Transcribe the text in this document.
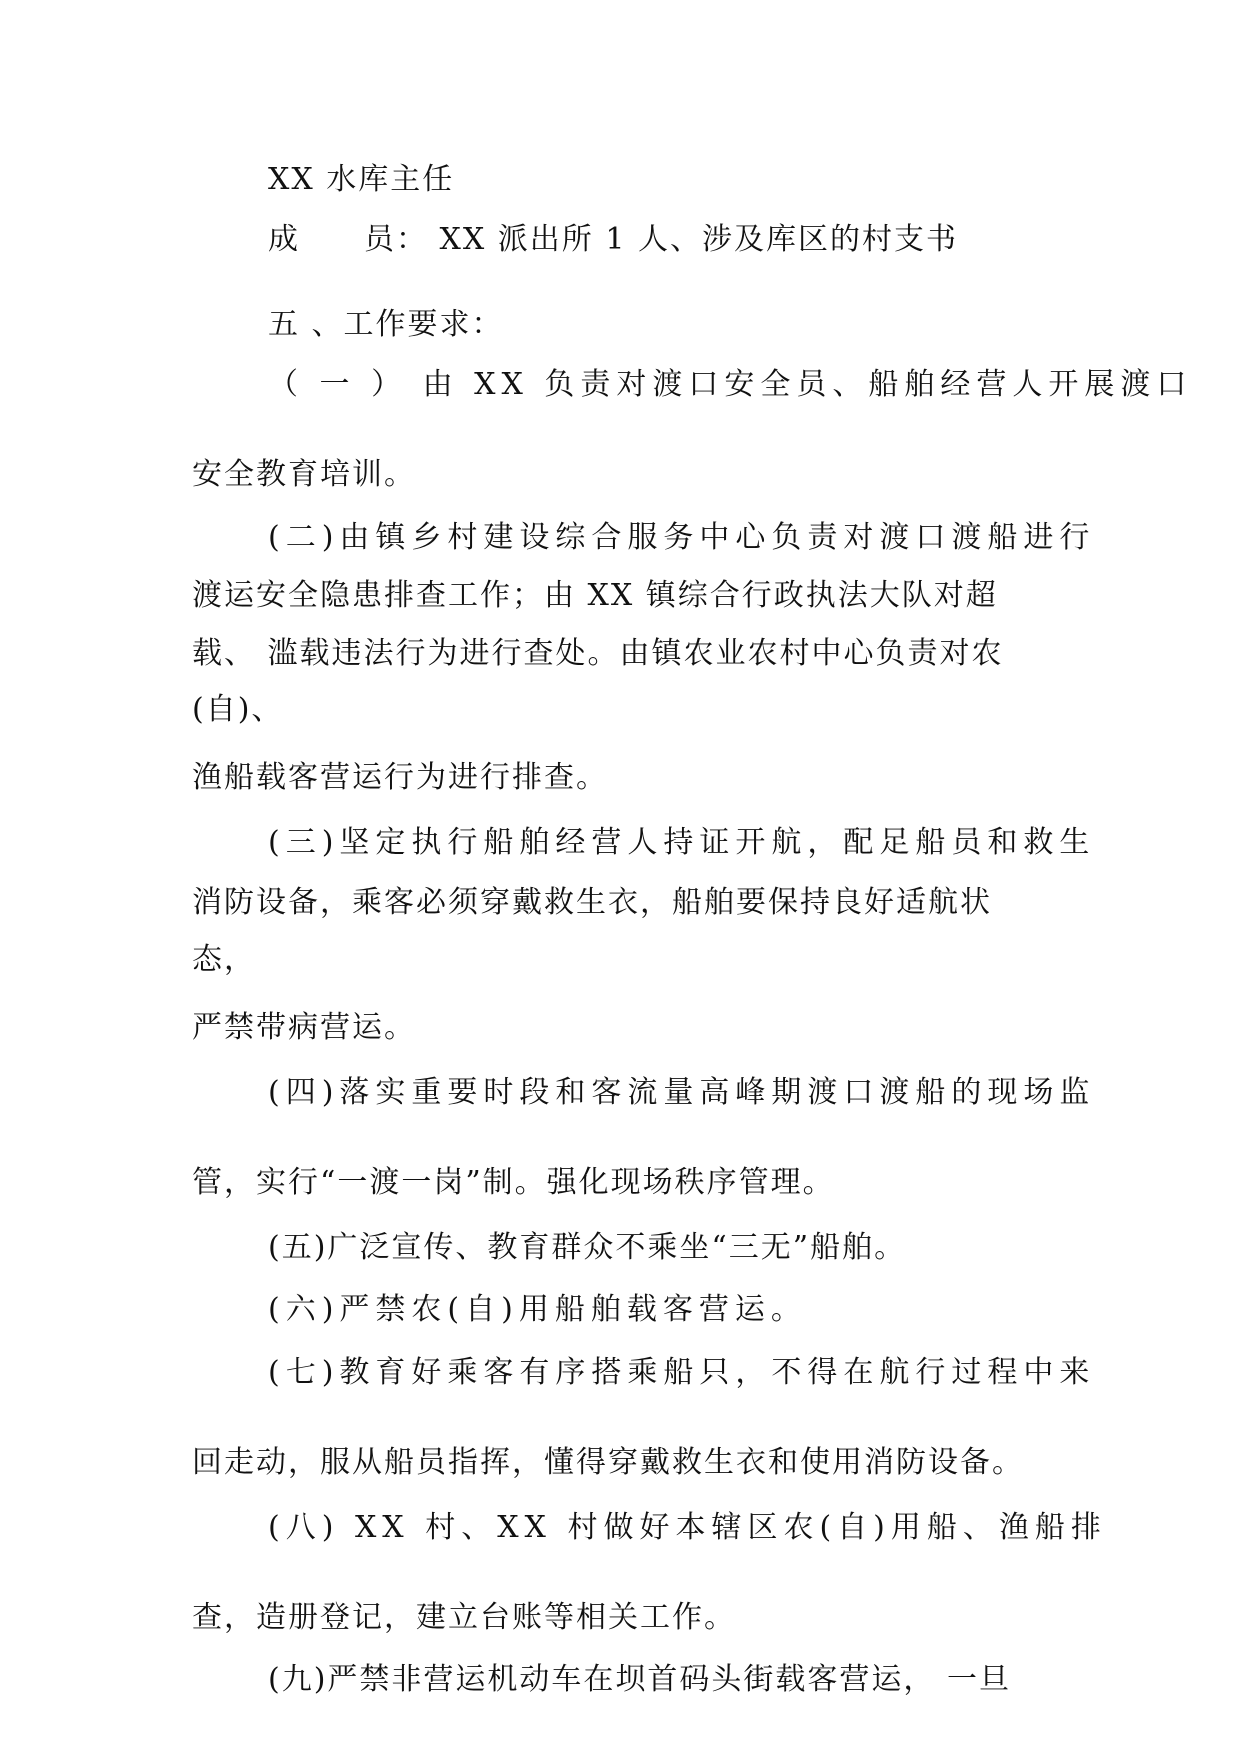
XX 水库主任
成　　员： XX 派出所 1 人、涉及库区的村支书
五 、工作要求：
（ 一 ） 由 XX 负责对渡口安全员、船舶经营人开展渡口
安全教育培训。
(二)由镇乡村建设综合服务中心负责对渡口渡船进行
渡运安全隐患排查工作；由 XX 镇综合行政执法大队对超
载、 滥载违法行为进行查处。由镇农业农村中心负责对农
(自)、
渔船载客营运行为进行排查。
(三)坚定执行船舶经营人持证开航，配足船员和救生
消防设备，乘客必须穿戴救生衣，船舶要保持良好适航状
态，
严禁带病营运。
(四)落实重要时段和客流量高峰期渡口渡船的现场监
管，实行“一渡一岗”制。强化现场秩序管理。
(五)广泛宣传、教育群众不乘坐“三无”船舶。
(六)严禁农(自)用船舶载客营运。
(七)教育好乘客有序搭乘船只，不得在航行过程中来
回走动，服从船员指挥，懂得穿戴救生衣和使用消防设备。
(八) XX 村、XX 村做好本辖区农(自)用船、渔船排
查，造册登记，建立台账等相关工作。
(九)严禁非营运机动车在坝首码头街载客营运， 一旦
